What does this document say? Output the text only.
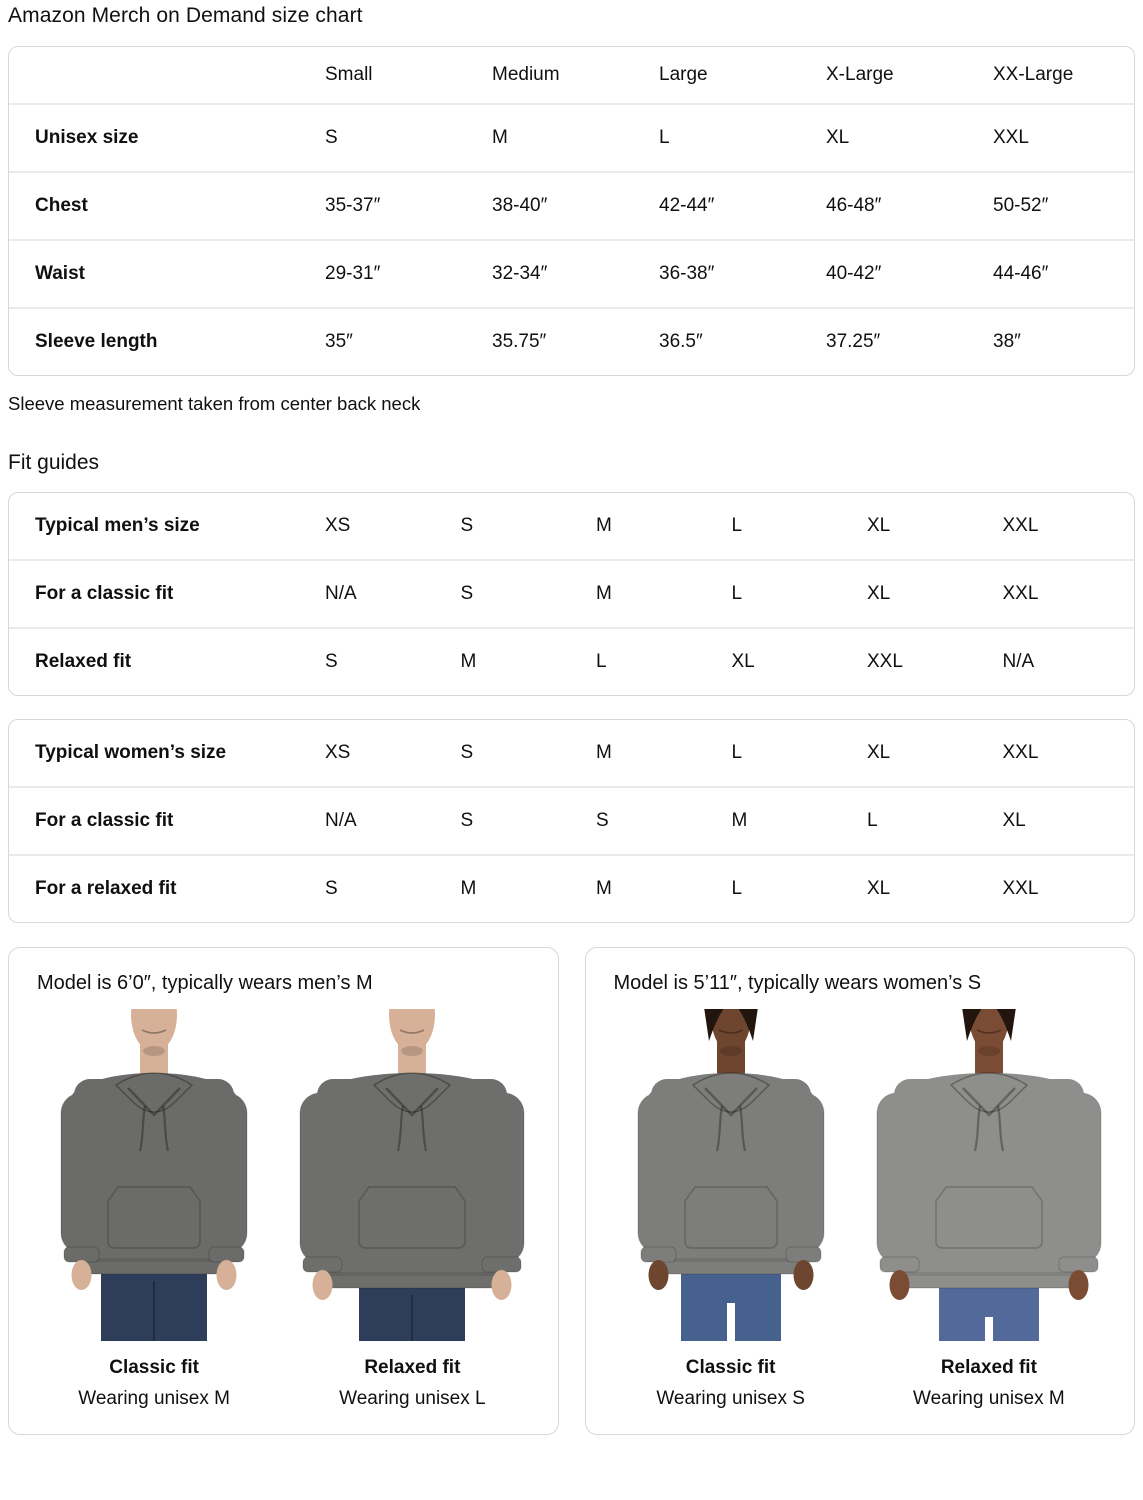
Amazon Merch on Demand size chart
	Small	Medium	Large	X-Large	XX-Large
Unisex size	S	M	L	XL	XXL
Chest	35-37″	38-40″	42-44″	46-48″	50-52″
Waist	29-31″	32-34″	36-38″	40-42″	44-46″
Sleeve length	35″	35.75″	36.5″	37.25″	38″

Sleeve measurement taken from center back neck

Fit guides
Typical men’s size	XS	S	M	L	XL	XXL
For a classic fit	N/A	S	M	L	XL	XXL
Relaxed fit	S	M	L	XL	XXL	N/A
Typical women’s size	XS	S	M	L	XL	XXL
For a classic fit	N/A	S	S	M	L	XL
For a relaxed fit	S	M	M	L	XL	XXL
Model is 6’0″, typically wears men’s M
Classic fit
Wearing unisex M
Relaxed fit
Wearing unisex L
Model is 5’11″, typically wears women’s S
Classic fit
Wearing unisex S
Relaxed fit
Wearing unisex M
